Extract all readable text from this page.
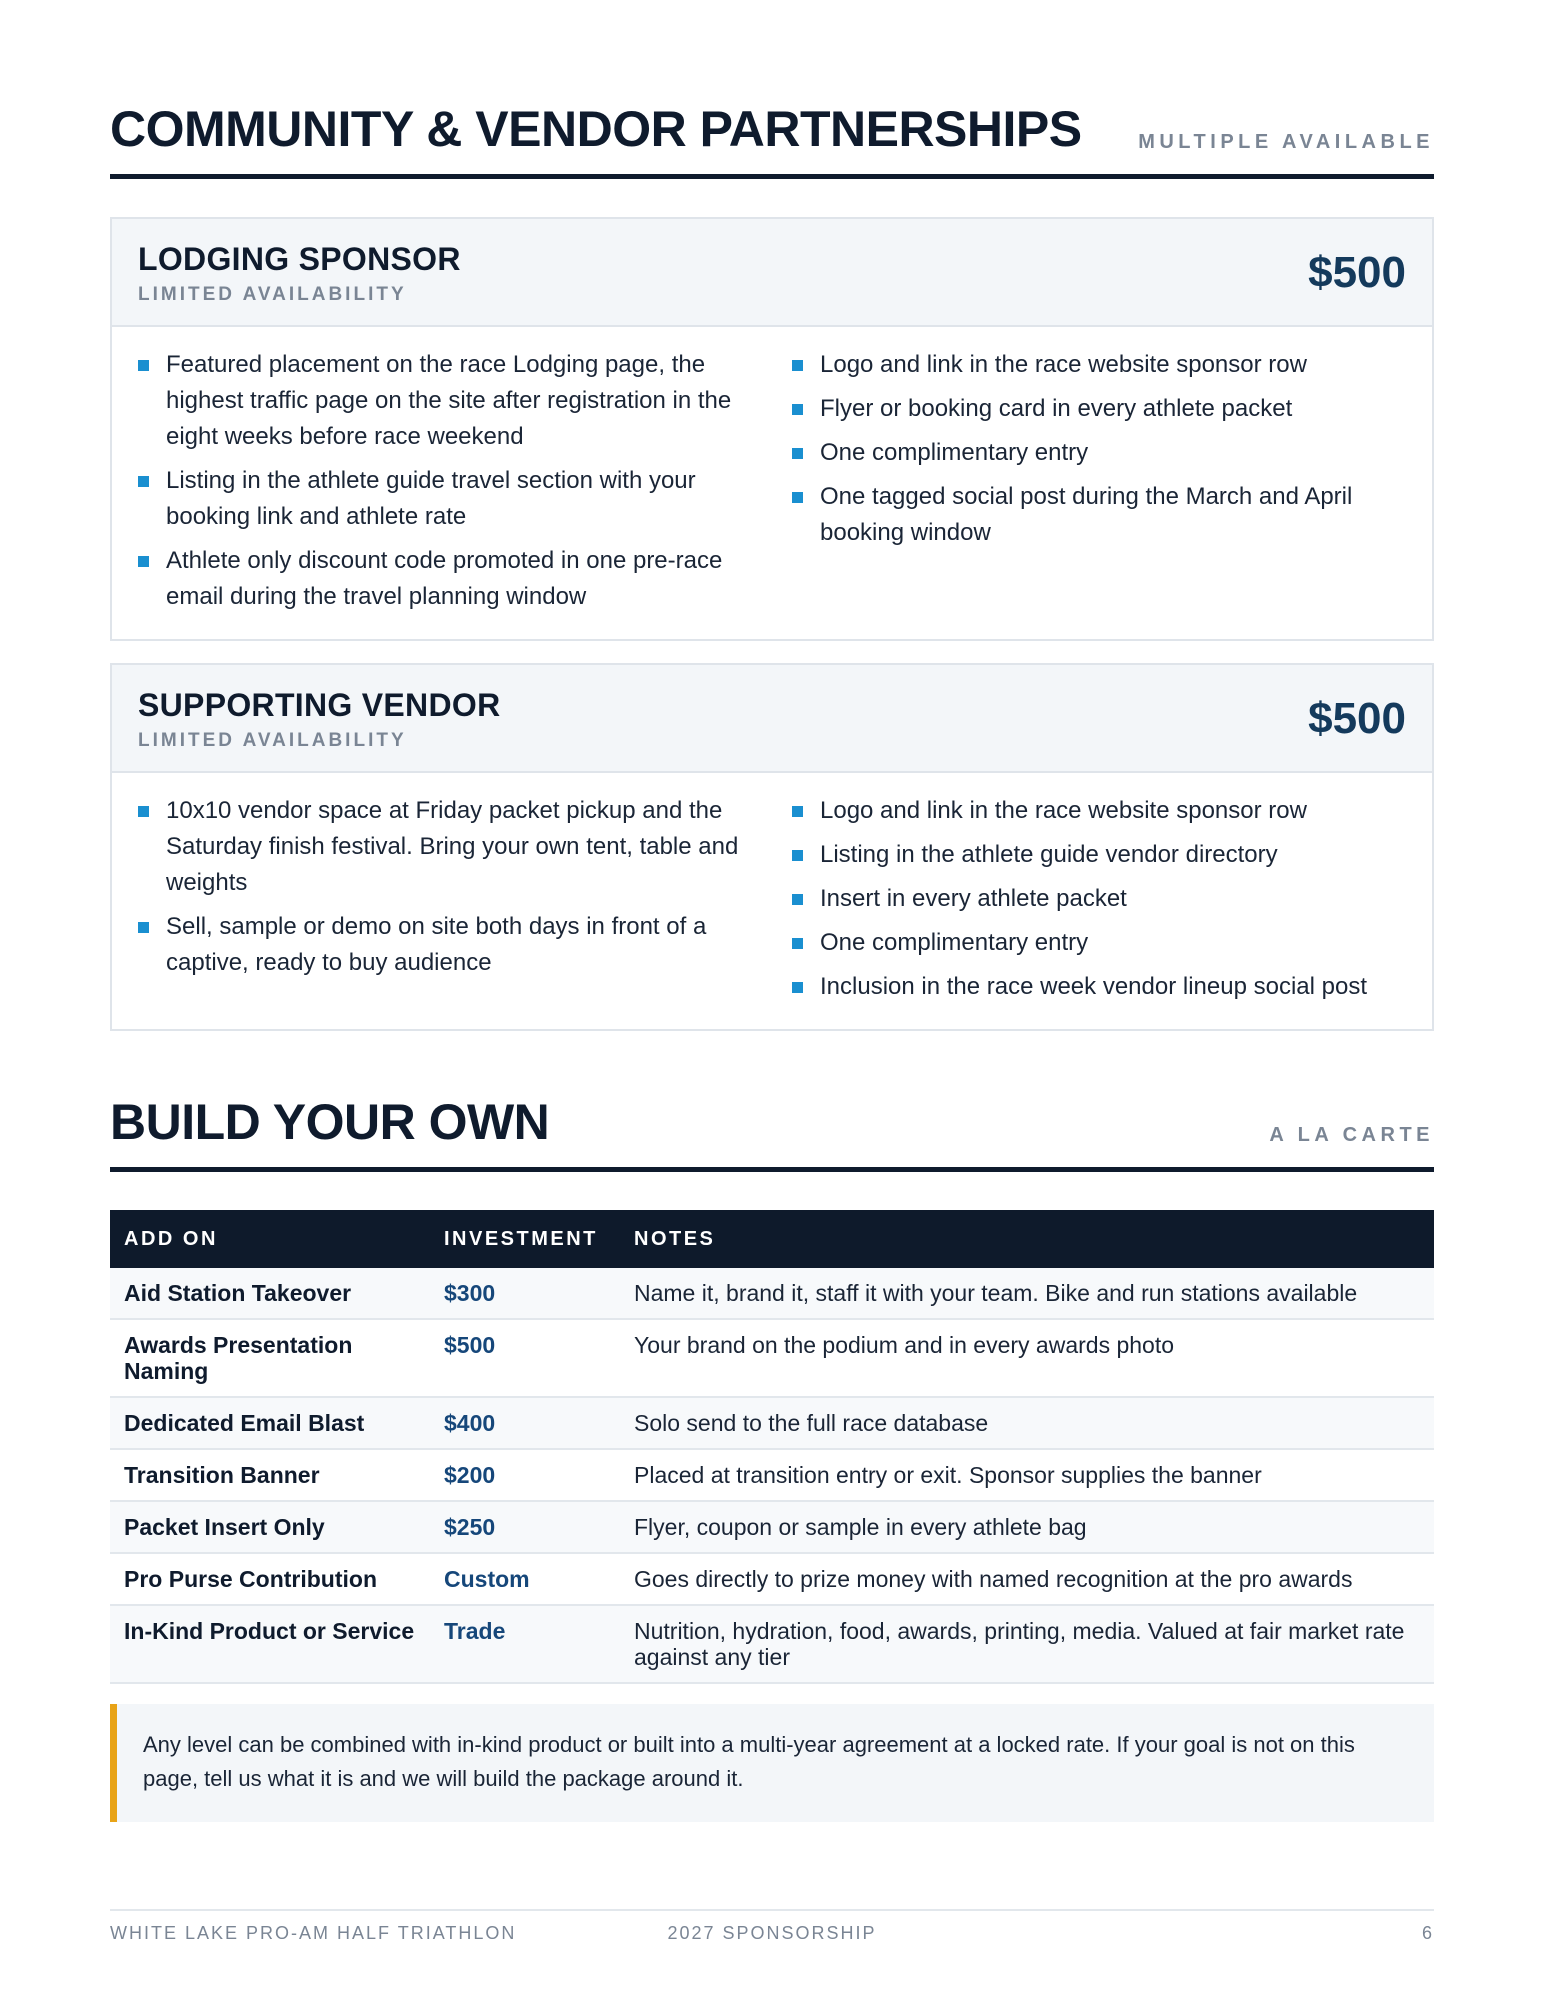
COMMUNITY & VENDOR PARTNERSHIPS	MULTIPLE AVAILABLE
LODGING SPONSOR
LIMITED AVAILABILITY	$500
Featured placement on the race Lodging page, the highest traffic page on the site after registration in the eight weeks before race weekend
Listing in the athlete guide travel section with your booking link and athlete rate
Athlete only discount code promoted in one pre-race email during the travel planning window
Logo and link in the race website sponsor row
Flyer or booking card in every athlete packet
One complimentary entry
One tagged social post during the March and April booking window
SUPPORTING VENDOR
LIMITED AVAILABILITY	$500
10x10 vendor space at Friday packet pickup and the Saturday finish festival. Bring your own tent, table and weights
Sell, sample or demo on site both days in front of a captive, ready to buy audience
Logo and link in the race website sponsor row
Listing in the athlete guide vendor directory
Insert in every athlete packet
One complimentary entry
Inclusion in the race week vendor lineup social post
BUILD YOUR OWN	A LA CARTE
ADD ON	INVESTMENT	NOTES
Aid Station Takeover	$300	Name it, brand it, staff it with your team. Bike and run stations available
Awards Presentation Naming	$500	Your brand on the podium and in every awards photo
Dedicated Email Blast	$400	Solo send to the full race database
Transition Banner	$200	Placed at transition entry or exit. Sponsor supplies the banner
Packet Insert Only	$250	Flyer, coupon or sample in every athlete bag
Pro Purse Contribution	Custom	Goes directly to prize money with named recognition at the pro awards
In-Kind Product or Service	Trade	Nutrition, hydration, food, awards, printing, media. Valued at fair market rate against any tier
Any level can be combined with in-kind product or built into a multi-year agreement at a locked rate. If your goal is not on this page, tell us what it is and we will build the package around it.
WHITE LAKE PRO-AM HALF TRIATHLON	2027 SPONSORSHIP	6
